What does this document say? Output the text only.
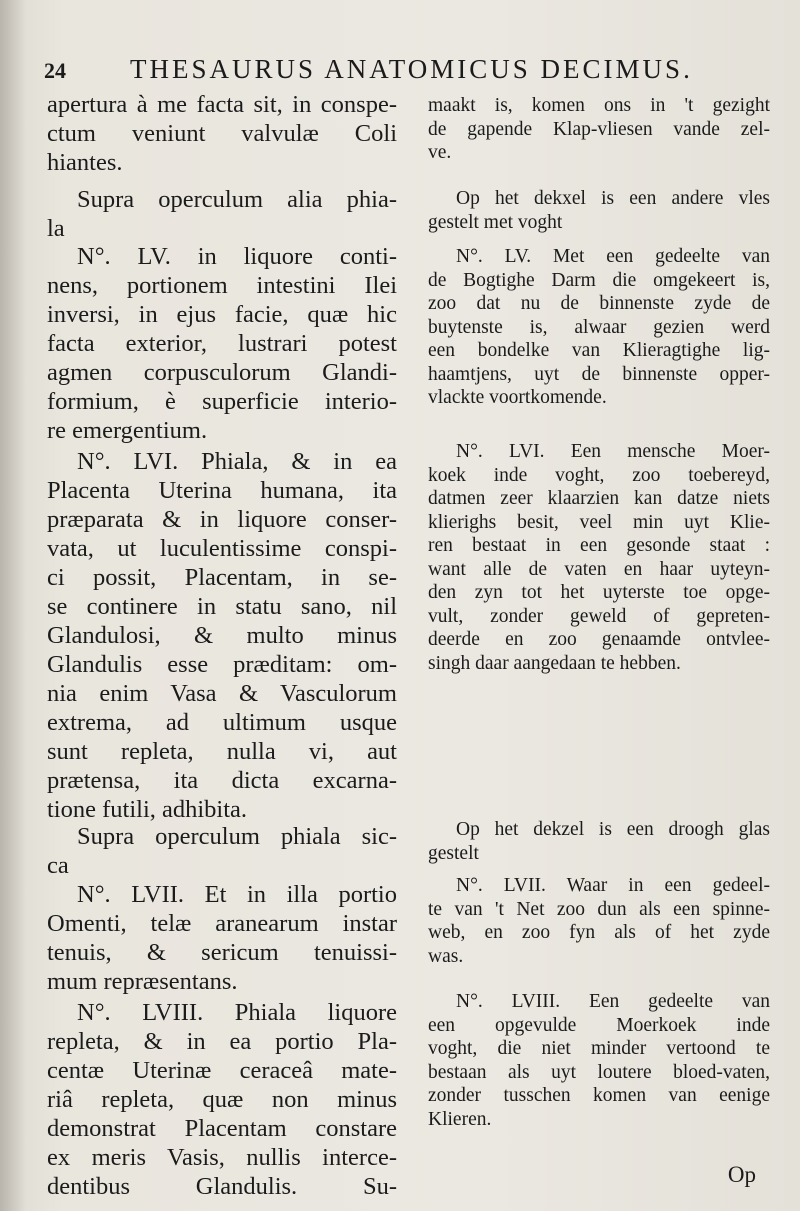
24 THESAURUS ANATOMICUS DECIMUS.
apertura à me facta sit, in conspe-
ctum veniunt valvulæ Coli
hiantes.
Supra operculum alia phia-
la
N°. LV. in liquore conti-
nens, portionem intestini Ilei
inversi, in ejus facie, quæ hic
facta exterior, lustrari potest
agmen corpusculorum Glandi-
formium, è superficie interio-
re emergentium.
N°. LVI. Phiala, & in ea
Placenta Uterina humana, ita
præparata & in liquore conser-
vata, ut luculentissime conspi-
ci possit, Placentam, in se-
se continere in statu sano, nil
Glandulosi, & multo minus
Glandulis esse præditam: om-
nia enim Vasa & Vasculorum
extrema, ad ultimum usque
sunt repleta, nulla vi, aut
prætensa, ita dicta excarna-
tione futili, adhibita.
Supra operculum phiala sic-
ca
N°. LVII. Et in illa portio
Omenti, telæ aranearum instar
tenuis, & sericum tenuissi-
mum repræsentans.
N°. LVIII. Phiala liquore
repleta, & in ea portio Pla-
centæ Uterinæ ceraceâ mate-
riâ repleta, quæ non minus
demonstrat Placentam constare
ex meris Vasis, nullis interce-
dentibus Glandulis. Su-
maakt is, komen ons in 't gezight
de gapende Klap-vliesen vande zel-
ve.
Op het dekxel is een andere vles
gestelt met voght
N°. LV. Met een gedeelte van
de Bogtighe Darm die omgekeert is,
zoo dat nu de binnenste zyde de
buytenste is, alwaar gezien werd
een bondelke van Klieragtighe lig-
haamtjens, uyt de binnenste opper-
vlackte voortkomende.
N°. LVI. Een mensche Moer-
koek inde voght, zoo toebereyd,
datmen zeer klaarzien kan datze niets
klierighs besit, veel min uyt Klie-
ren bestaat in een gesonde staat :
want alle de vaten en haar uyteyn-
den zyn tot het uyterste toe opge-
vult, zonder geweld of gepreten-
deerde en zoo genaamde ontvlee-
singh daar aangedaan te hebben.
Op het dekzel is een droogh glas
gestelt
N°. LVII. Waar in een gedeel-
te van 't Net zoo dun als een spinne-
web, en zoo fyn als of het zyde
was.
N°. LVIII. Een gedeelte van
een opgevulde Moerkoek inde
voght, die niet minder vertoond te
bestaan als uyt loutere bloed-vaten,
zonder tusschen komen van eenige
Klieren.
Op
